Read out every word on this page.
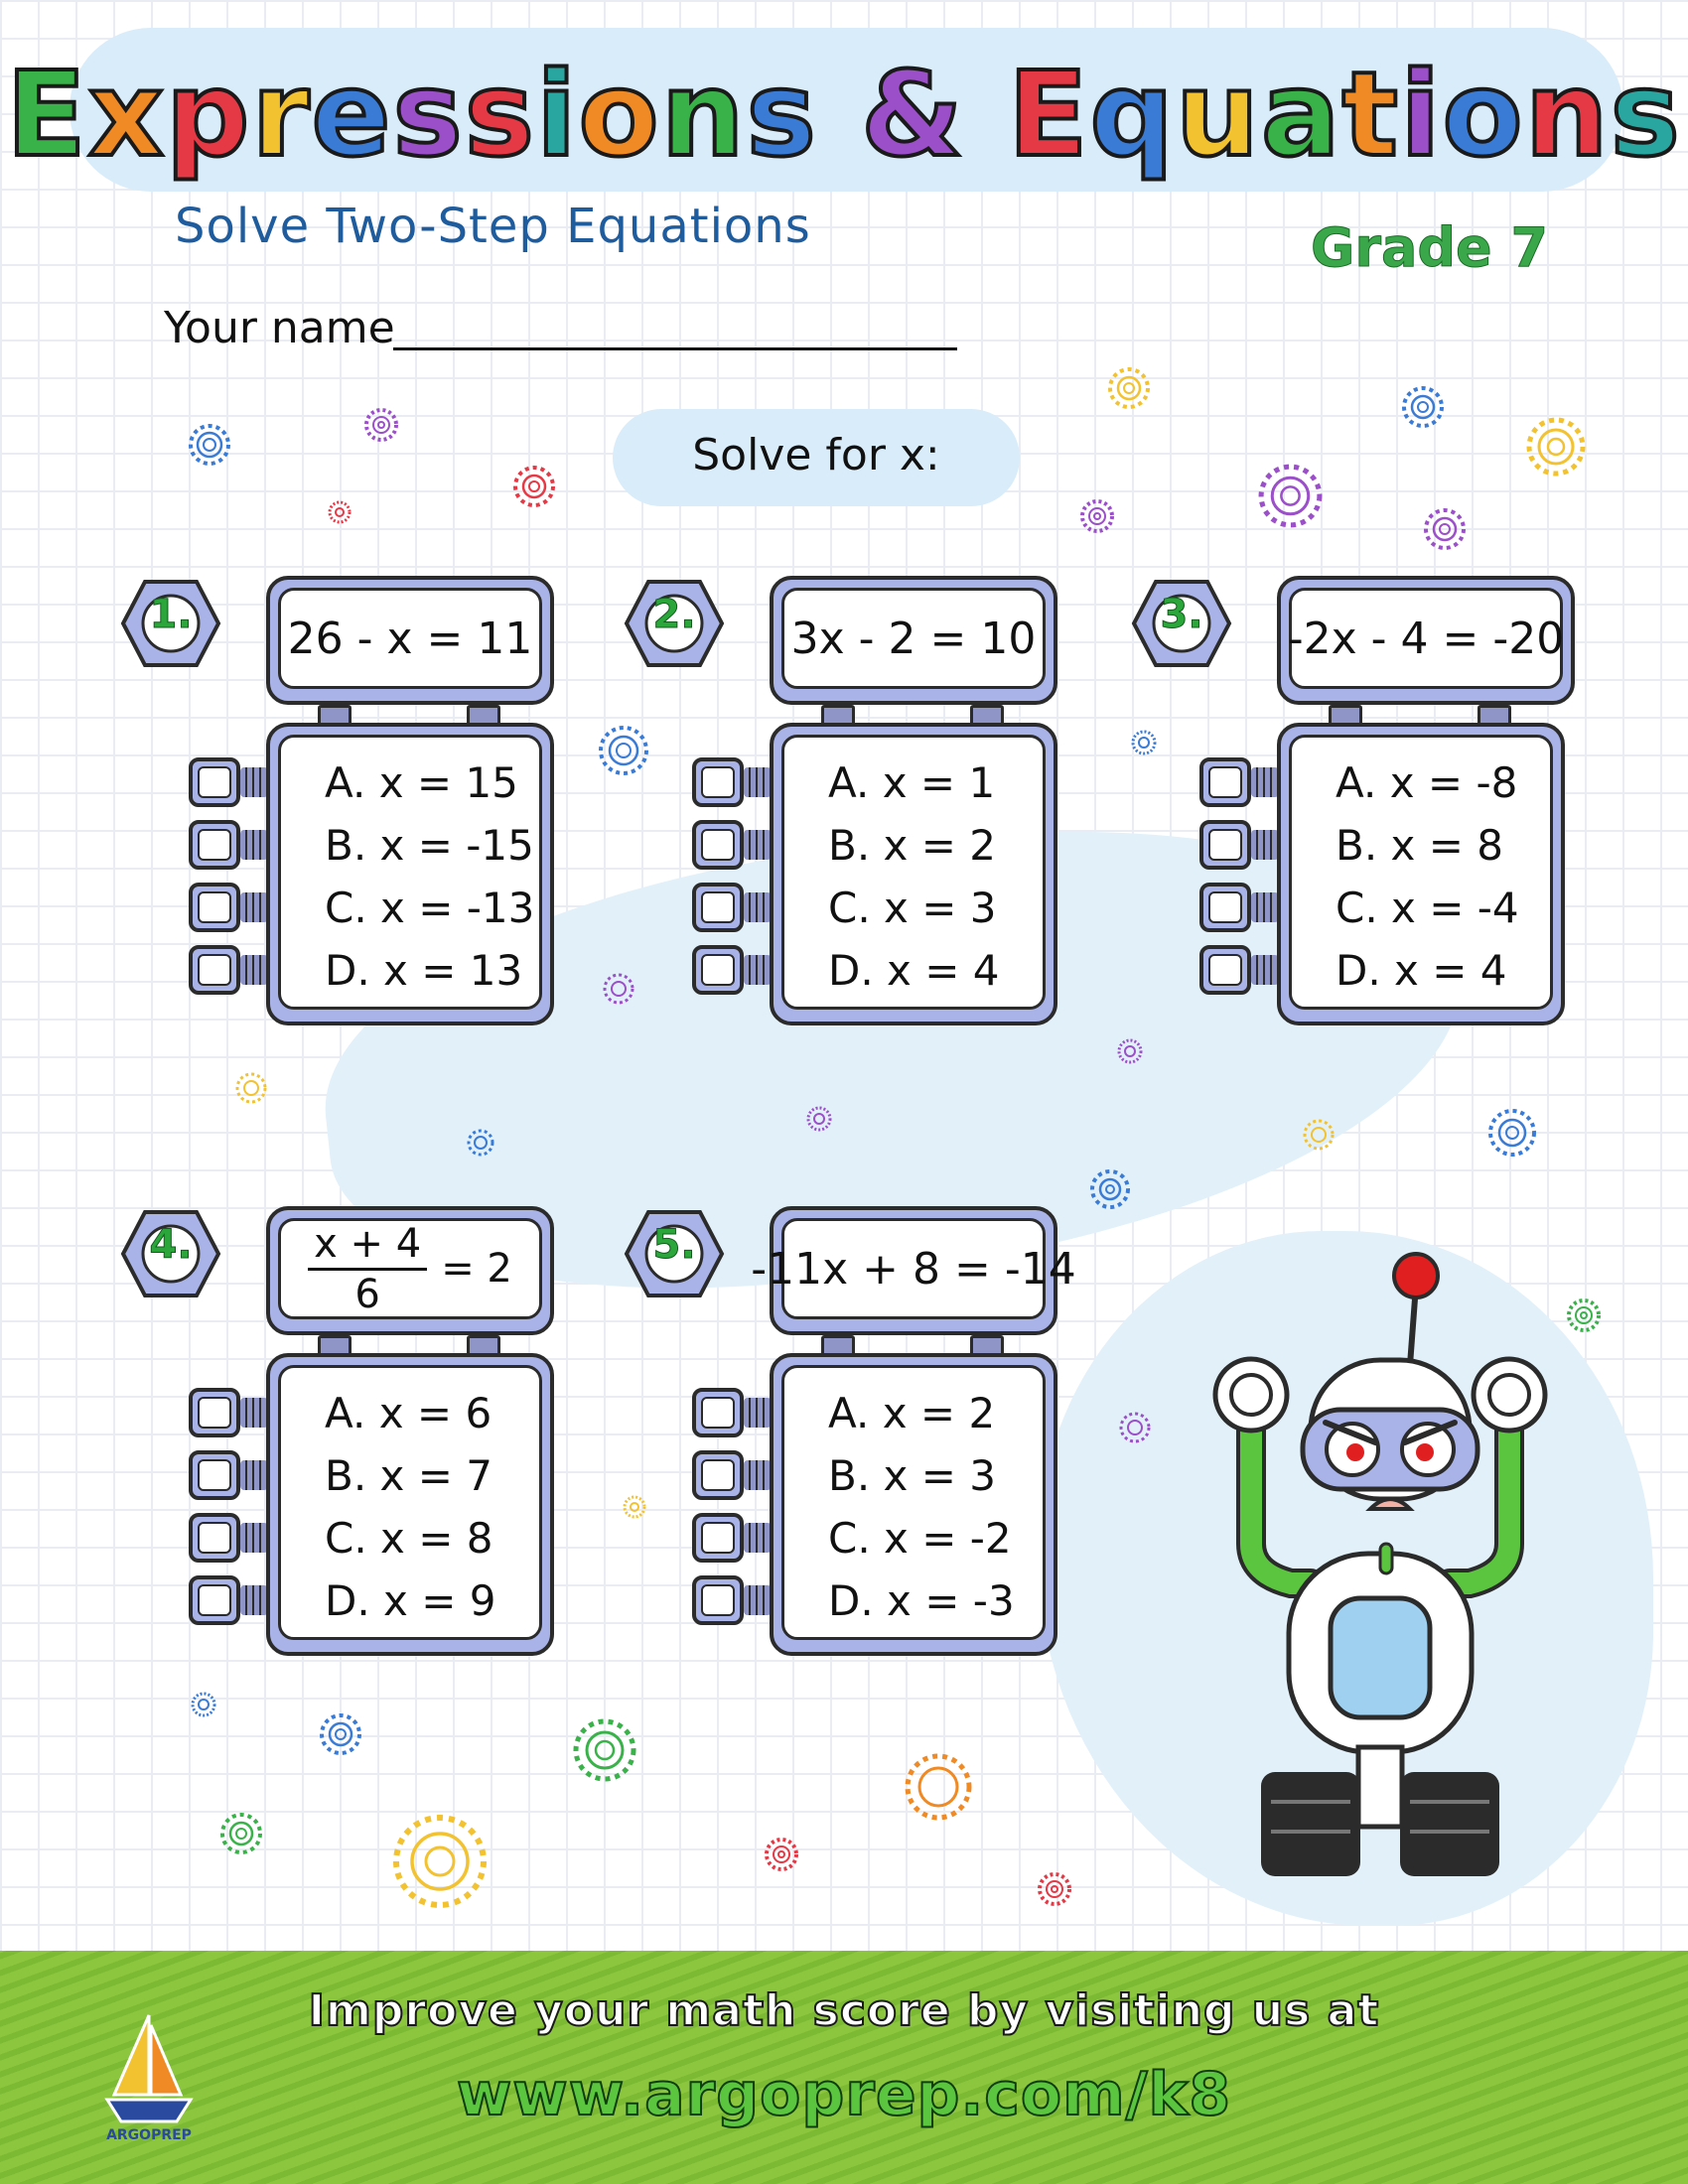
Expressions & Equations
Solve Two-Step Equations	Grade 7
Your name
Solve for x:
1.	26 - x = 11
A. x = 15
B. x = -15
C. x = -13
D. x = 13
2.	3x - 2 = 10
A. x = 1
B. x = 2
C. x = 3
D. x = 4
3.	-2x - 4 = -20
A. x = -8
B. x = 8
C. x = -4
D. x = 4
4.	$\frac{x + 4}{6} = 2$
A. x = 6
B. x = 7
C. x = 8
D. x = 9
5.	-11x + 8 = -14
A. x = 2
B. x = 3
C. x = -2
D. x = -3
ARGOPREP
Improve your math score by visiting us at
www.argoprep.com/k8
